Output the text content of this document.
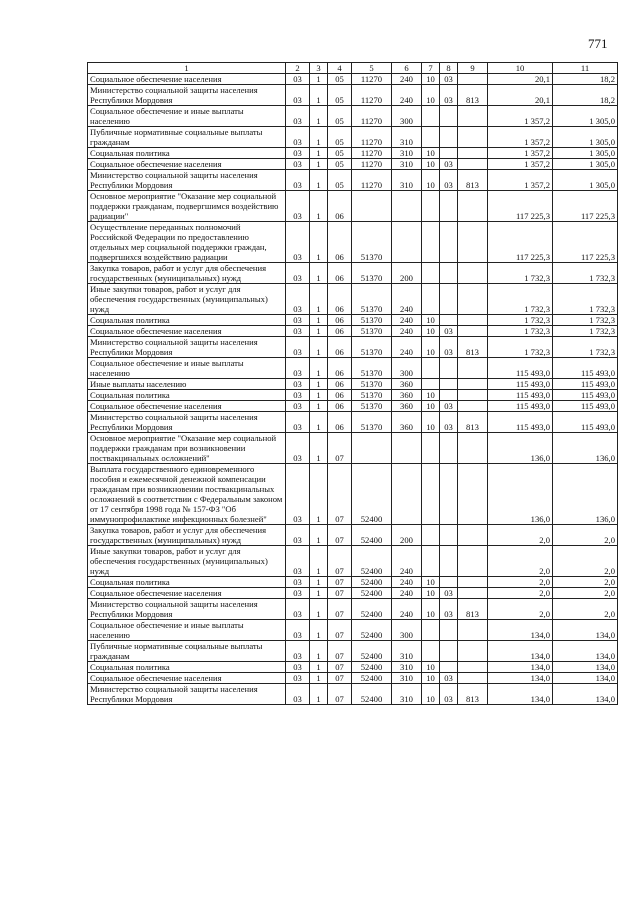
771
1	2	3	4	5	6	7	8	9	10	11
Социальное обеспечение населения	03	1	05	11270	240	10	03		20,1	18,2
Министерство социальной защиты населения Республики Мордовия	03	1	05	11270	240	10	03	813	20,1	18,2
Социальное обеспечение и иные выплаты населению	03	1	05	11270	300				1 357,2	1 305,0
Публичные нормативные социальные выплаты гражданам	03	1	05	11270	310				1 357,2	1 305,0
Социальная политика	03	1	05	11270	310	10			1 357,2	1 305,0
Социальное обеспечение населения	03	1	05	11270	310	10	03		1 357,2	1 305,0
Министерство социальной защиты населения Республики Мордовия	03	1	05	11270	310	10	03	813	1 357,2	1 305,0
Основное мероприятие "Оказание мер социальной поддержки гражданам, подвергшимся воздействию радиации"	03	1	06						117 225,3	117 225,3
Осуществление переданных полномочий Российской Федерации по предоставлению отдельных мер социальной поддержки граждан, подвергшихся воздействию радиации	03	1	06	51370					117 225,3	117 225,3
Закупка товаров, работ и услуг для обеспечения государственных (муниципальных) нужд	03	1	06	51370	200				1 732,3	1 732,3
Иные закупки товаров, работ и услуг для обеспечения государственных (муниципальных) нужд	03	1	06	51370	240				1 732,3	1 732,3
Социальная политика	03	1	06	51370	240	10			1 732,3	1 732,3
Социальное обеспечение населения	03	1	06	51370	240	10	03		1 732,3	1 732,3
Министерство социальной защиты населения Республики Мордовия	03	1	06	51370	240	10	03	813	1 732,3	1 732,3
Социальное обеспечение и иные выплаты населению	03	1	06	51370	300				115 493,0	115 493,0
Иные выплаты населению	03	1	06	51370	360				115 493,0	115 493,0
Социальная политика	03	1	06	51370	360	10			115 493,0	115 493,0
Социальное обеспечение населения	03	1	06	51370	360	10	03		115 493,0	115 493,0
Министерство социальной защиты населения Республики Мордовия	03	1	06	51370	360	10	03	813	115 493,0	115 493,0
Основное мероприятие "Оказание мер социальной поддержки гражданам при возникновении поствакцинальных осложнений"	03	1	07						136,0	136,0
Выплата государственного единовременного пособия и ежемесячной денежной компенсации гражданам при возникновении поствакцинальных осложнений в соответствии с Федеральным законом от 17 сентября 1998 года № 157-ФЗ "Об иммунопрофилактике инфекционных болезней"	03	1	07	52400					136,0	136,0
Закупка товаров, работ и услуг для обеспечения государственных (муниципальных) нужд	03	1	07	52400	200				2,0	2,0
Иные закупки товаров, работ и услуг для обеспечения государственных (муниципальных) нужд	03	1	07	52400	240				2,0	2,0
Социальная политика	03	1	07	52400	240	10			2,0	2,0
Социальное обеспечение населения	03	1	07	52400	240	10	03		2,0	2,0
Министерство социальной защиты населения Республики Мордовия	03	1	07	52400	240	10	03	813	2,0	2,0
Социальное обеспечение и иные выплаты населению	03	1	07	52400	300				134,0	134,0
Публичные нормативные социальные выплаты гражданам	03	1	07	52400	310				134,0	134,0
Социальная политика	03	1	07	52400	310	10			134,0	134,0
Социальное обеспечение населения	03	1	07	52400	310	10	03		134,0	134,0
Министерство социальной защиты населения Республики Мордовия	03	1	07	52400	310	10	03	813	134,0	134,0
